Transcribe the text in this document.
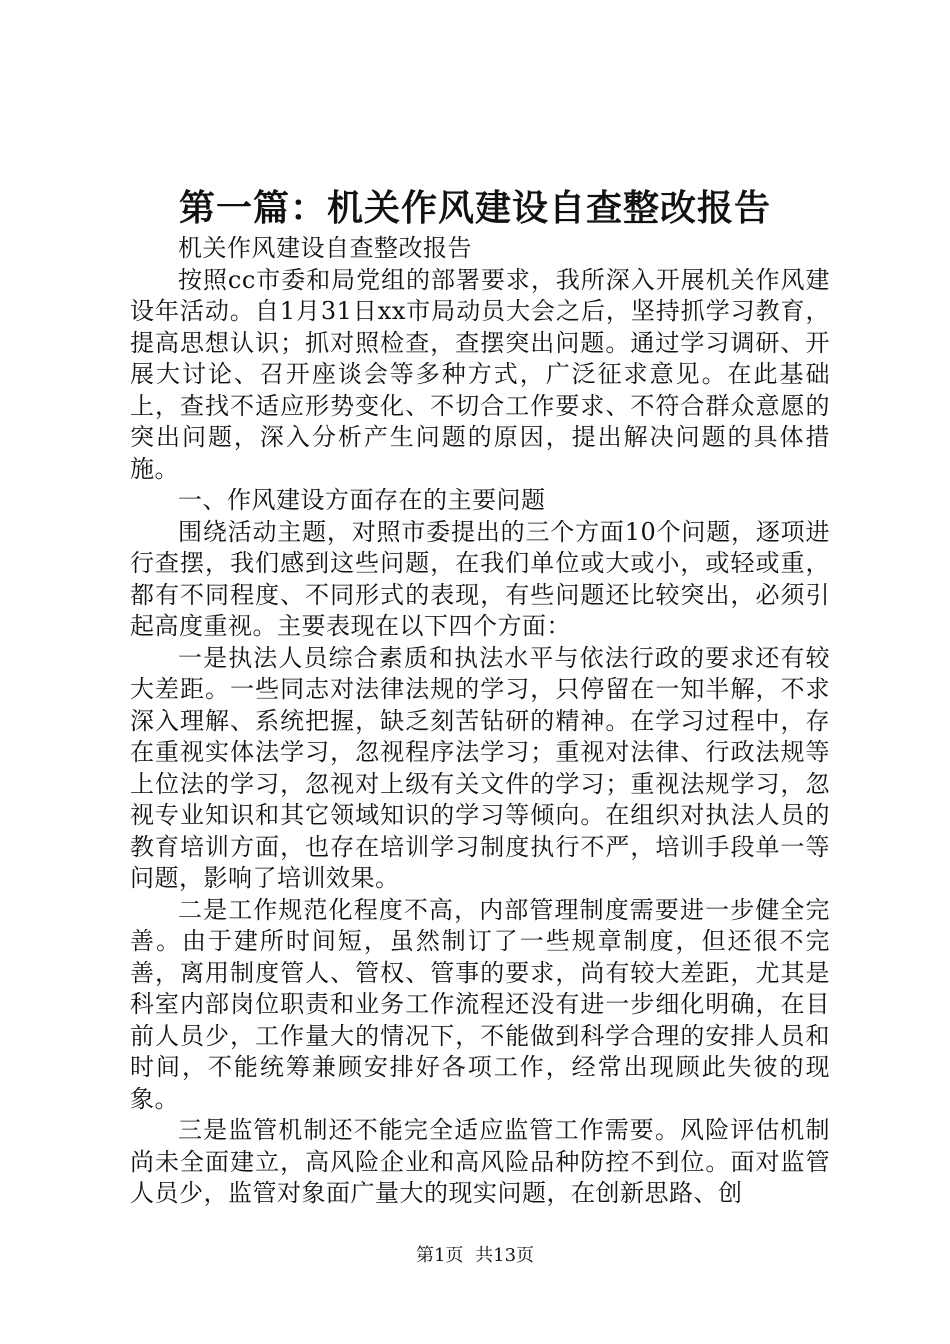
第一篇：机关作风建设自查整改报告

机关作风建设自查整改报告

按照cc市委和局党组的部署要求，我所深入开展机关作风建设年活动。自1月31日xx市局动员大会之后，坚持抓学习教育，提高思想认识；抓对照检查，查摆突出问题。通过学习调研、开展大讨论、召开座谈会等多种方式，广泛征求意见。在此基础上，查找不适应形势变化、不切合工作要求、不符合群众意愿的突出问题，深入分析产生问题的原因，提出解决问题的具体措施。

一、作风建设方面存在的主要问题

围绕活动主题，对照市委提出的三个方面10个问题，逐项进行查摆，我们感到这些问题，在我们单位或大或小，或轻或重，都有不同程度、不同形式的表现，有些问题还比较突出，必须引起高度重视。主要表现在以下四个方面：

一是执法人员综合素质和执法水平与依法行政的要求还有较大差距。一些同志对法律法规的学习，只停留在一知半解，不求深入理解、系统把握，缺乏刻苦钻研的精神。在学习过程中，存在重视实体法学习，忽视程序法学习；重视对法律、行政法规等上位法的学习，忽视对上级有关文件的学习；重视法规学习，忽视专业知识和其它领域知识的学习等倾向。在组织对执法人员的教育培训方面，也存在培训学习制度执行不严，培训手段单一等问题，影响了培训效果。

二是工作规范化程度不高，内部管理制度需要进一步健全完善。由于建所时间短，虽然制订了一些规章制度，但还很不完善，离用制度管人、管权、管事的要求，尚有较大差距，尤其是科室内部岗位职责和业务工作流程还没有进一步细化明确，在目前人员少，工作量大的情况下，不能做到科学合理的安排人员和时间，不能统筹兼顾安排好各项工作，经常出现顾此失彼的现象。

三是监管机制还不能完全适应监管工作需要。风险评估机制尚未全面建立，高风险企业和高风险品种防控不到位。面对监管人员少，监管对象面广量大的现实问题，在创新思路、创

第1页 共13页
